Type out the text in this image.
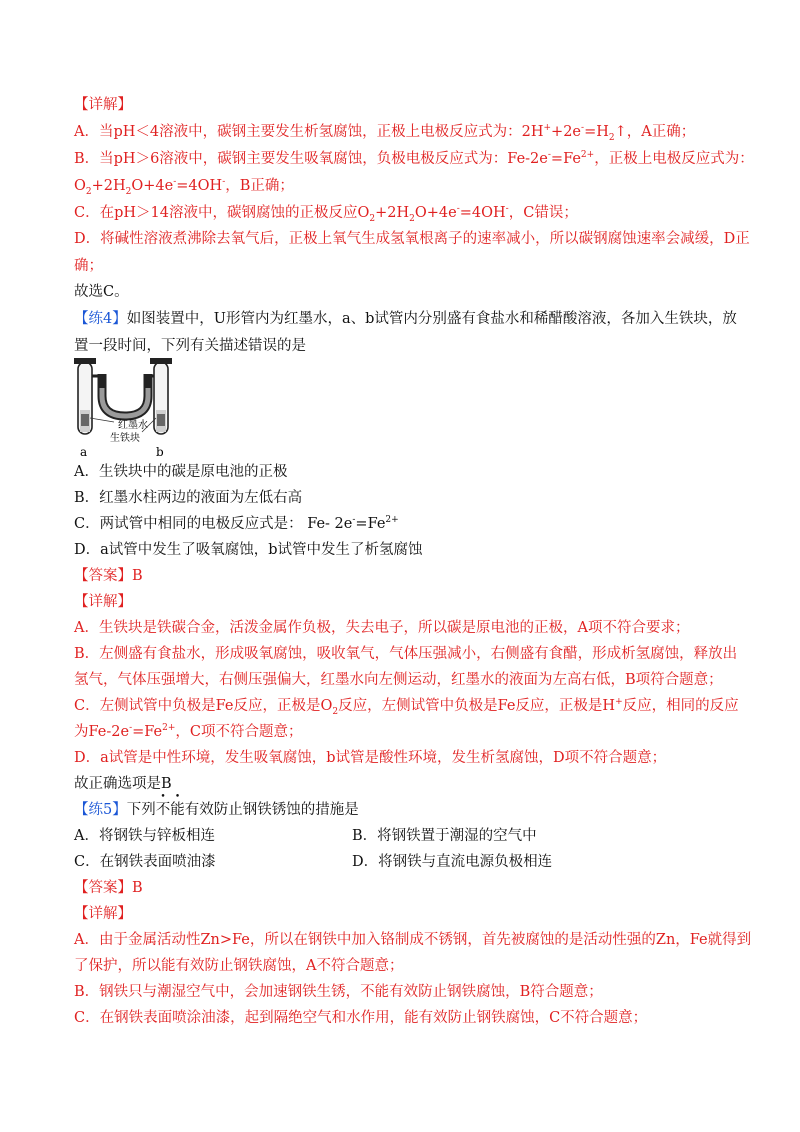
【详解】
A．当pH＜4溶液中，碳钢主要发生析氢腐蚀，正极上电极反应式为：$2H^++2e^-=H_2↑$，A正确；
B．当pH＞6溶液中，碳钢主要发生吸氧腐蚀，负极电极反应式为：$Fe-2e^-=Fe^{2+}$，正极上电极反应式为：
$O_2+2H_2O+4e^-=4OH^-$，B正确；
C．在pH＞14溶液中，碳钢腐蚀的正极反应$O_2+2H_2O+4e^-=4OH^-$，C错误；
D．将碱性溶液煮沸除去氧气后，正极上氧气生成氢氧根离子的速率减小，所以碳钢腐蚀速率会减缓，D正
确；
故选C。
【练4】如图装置中，U形管内为红墨水，a、b试管内分别盛有食盐水和稀醋酸溶液，各加入生铁块，放
置一段时间，下列有关描述错误的是
红墨水
生铁块
a	b
A．生铁块中的碳是原电池的正极
B．红墨水柱两边的液面为左低右高
C．两试管中相同的电极反应式是： Fe- $2e^-=Fe^{2+}$
D．a试管中发生了吸氧腐蚀，b试管中发生了析氢腐蚀
【答案】B
【详解】
A．生铁块是铁碳合金，活泼金属作负极，失去电子，所以碳是原电池的正极，A项不符合要求；
B．左侧盛有食盐水，形成吸氧腐蚀，吸收氧气，气体压强减小，右侧盛有食醋，形成析氢腐蚀，释放出
氢气，气体压强增大，右侧压强偏大，红墨水向左侧运动，红墨水的液面为左高右低，B项符合题意；
C．左侧试管中负极是Fe反应，正极是$O_2$反应，左侧试管中负极是Fe反应，正极是H+反应，相同的反应
为$Fe-2e^-=Fe^{2+}$，C项不符合题意；
D．a试管是中性环境，发生吸氧腐蚀，b试管是酸性环境，发生析氢腐蚀，D项不符合题意；
故正确选项是B
【练5】下列不能有效防止钢铁锈蚀的措施是
A．将钢铁与锌板相连	B．将钢铁置于潮湿的空气中
C．在钢铁表面喷油漆	D．将钢铁与直流电源负极相连
【答案】B
【详解】
A．由于金属活动性Zn>Fe，所以在钢铁中加入铬制成不锈钢，首先被腐蚀的是活动性强的Zn，Fe就得到
了保护，所以能有效防止钢铁腐蚀，A不符合题意；
B．钢铁只与潮湿空气中，会加速钢铁生锈，不能有效防止钢铁腐蚀，B符合题意；
C．在钢铁表面喷涂油漆，起到隔绝空气和水作用，能有效防止钢铁腐蚀，C不符合题意；
